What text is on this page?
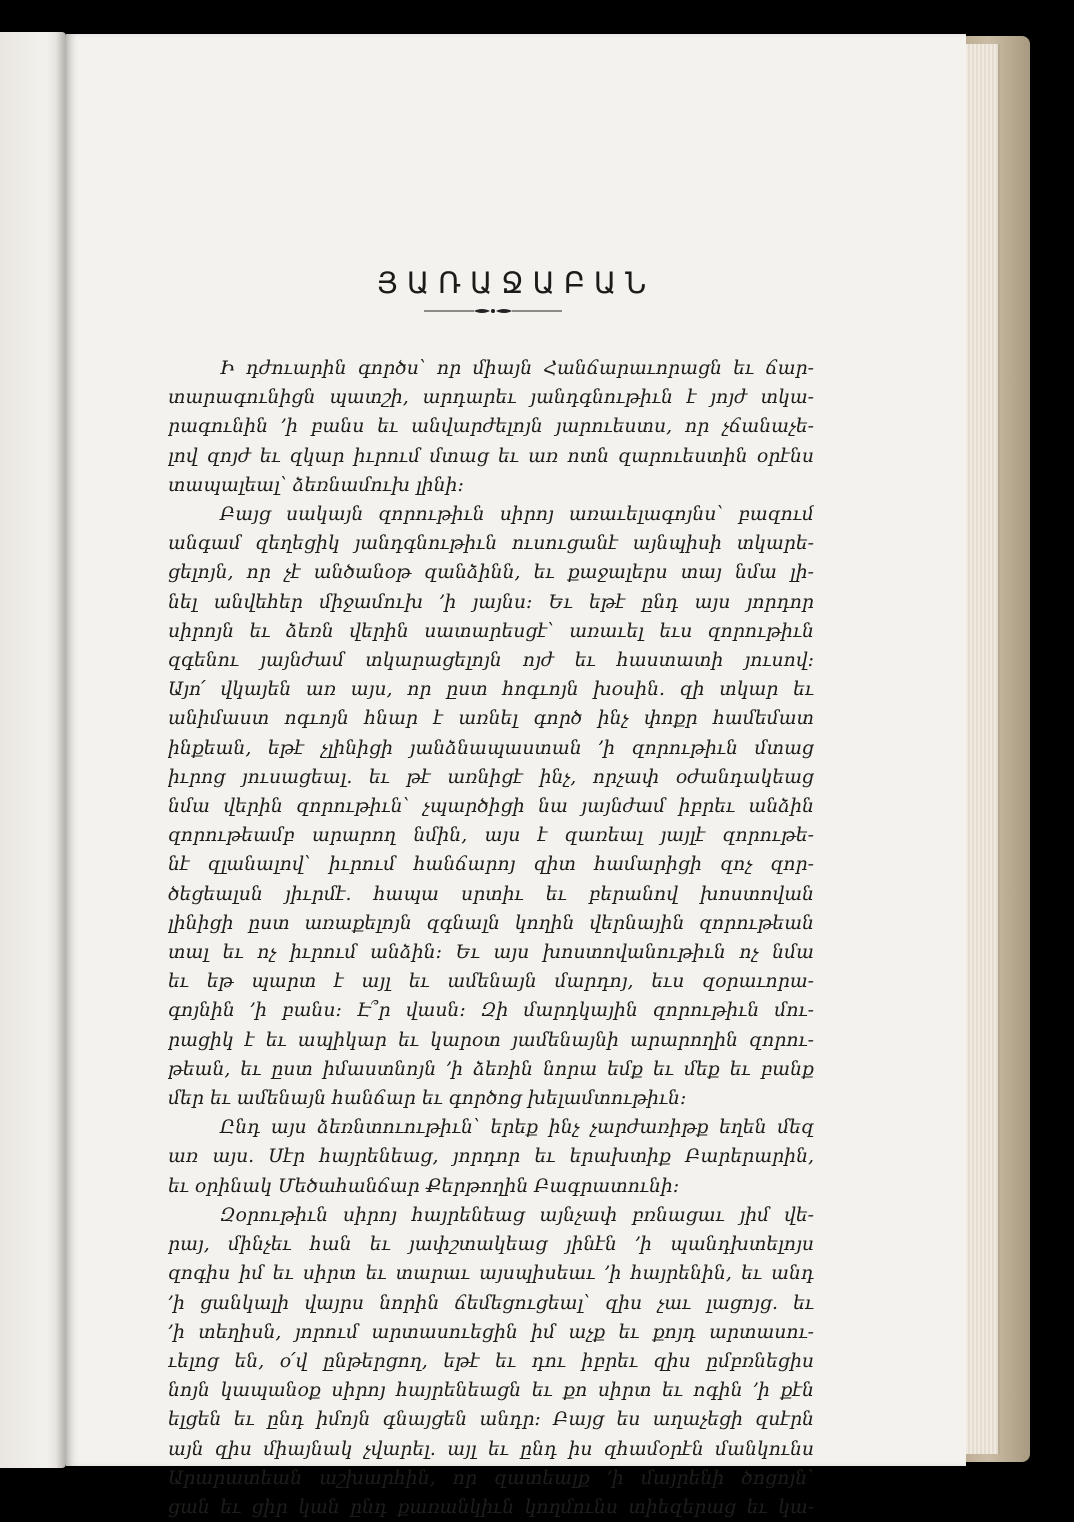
ՅԱՌԱՋԱԲԱՆ
Ի դժուարին գործս՝ որ միայն Հանճարաւորացն եւ ճար-
տարագունիցն պատշի, արդարեւ յանդգնութիւն է յոյժ տկա-
րագունին ՚ի բանս եւ անվարժելոյն յարուեստս, որ չճանաչե-
լով զոյժ եւ զկար իւրում մտաց եւ առ ոտն զարուեստին օրէնս
տապալեալ՝ ձեռնամուխ լինի:
Բայց սակայն զորութիւն սիրոյ առաւելագոյնս՝ բազում
անգամ զեղեցիկ յանդգնութիւն ուսուցանէ այնպիսի տկարե-
ցելոյն, որ չէ անծանօթ զանձինն, եւ քաջալերս տայ նմա լի-
նել անվեհեր միջամուխ ՚ի յայնս: Եւ եթէ ընդ այս յորդոր
սիրոյն եւ ձեռն վերին սատարեսցէ՝ առաւել եւս զորութիւն
զգենու յայնժամ տկարացելոյն ոյժ եւ հաստատի յուսով:
Այո՛ վկայեն առ այս, որ ըստ հոգւոյն խօսին. զի տկար եւ
անիմաստ ոգւոյն հնար է առնել գործ ինչ փոքր համեմատ
ինքեան, եթէ չլինիցի յանձնապաստան ՚ի զորութիւն մտաց
իւրոց յուսացեալ. եւ թէ առնիցէ ինչ, որչափ օժանդակեաց
նմա վերին զորութիւն՝ չպարծիցի նա յայնժամ իբրեւ անձին
զորութեամբ արարող նմին, այս է զառեալ յայլէ զորութե-
նէ զլանալով՝ իւրում հանճարոյ զիտ համարիցի զոչ զոր-
ծեցեալսն յիւրմէ. հապա սրտիւ եւ բերանով խոստովան
լինիցի ըստ առաքելոյն զգնալն կողին վերնային զորութեան
տալ եւ ոչ իւրում անձին: Եւ այս խոստովանութիւն ոչ նմա
եւ եթ պարտ է այլ եւ ամենայն մարդոյ, եւս զօրաւորա-
գոյնին ՚ի բանս: Է՞ր վասն: Զի մարդկային զորութիւն մու-
րացիկ է եւ ապիկար եւ կարօտ յամենայնի արարողին զորու-
թեան, եւ ըստ իմաստնոյն ՚ի ձեռին նորա եմք եւ մեք եւ բանք
մեր եւ ամենայն հանճար եւ գործոց խելամտութիւն:
Ընդ այս ձեռնտուութիւն՝ երեք ինչ չարժառիթք եղեն մեզ
առ այս. Սէր հայրենեաց, յորդոր եւ երախտիք Բարերարին,
եւ օրինակ Մեծահանճար Քերթողին Բագրատունի:
Զօրութիւն սիրոյ հայրենեաց այնչափ բռնացաւ յիմ վե-
րայ, մինչեւ հան եւ յափշտակեաց յինէն ՚ի պանդխտելոյս
զոգիս իմ եւ սիրտ եւ տարաւ այսպիսեաւ ՚ի հայրենին, եւ անդ
՚ի ցանկալի վայրս նորին ճեմեցուցեալ՝ զիս չաւ լացոյց. եւ
՚ի տեղիսն, յորում արտասուեցին իմ աչք եւ քոյդ արտասու-
ւելոց են, օ՛վ ընթերցող, եթէ եւ դու իբրեւ զիս ըմբռնեցիս
նոյն կապանօք սիրոյ հայրենեացն եւ քո սիրտ եւ ոգին ՚ի քէն
ելցեն եւ ընդ իմոյն գնայցեն անդր: Բայց ես աղաչեցի զսէրն
այն զիս միայնակ չվարել. այլ եւ ընդ իս զհամօրէն մանկունս
Արարատեան աշխարհին, որ զատեալք ՚ի մայրենի ծոցոյն՝
ցան եւ ցիր կան ընդ քառանկիւն կողմունս տիեզերաց եւ կա-
